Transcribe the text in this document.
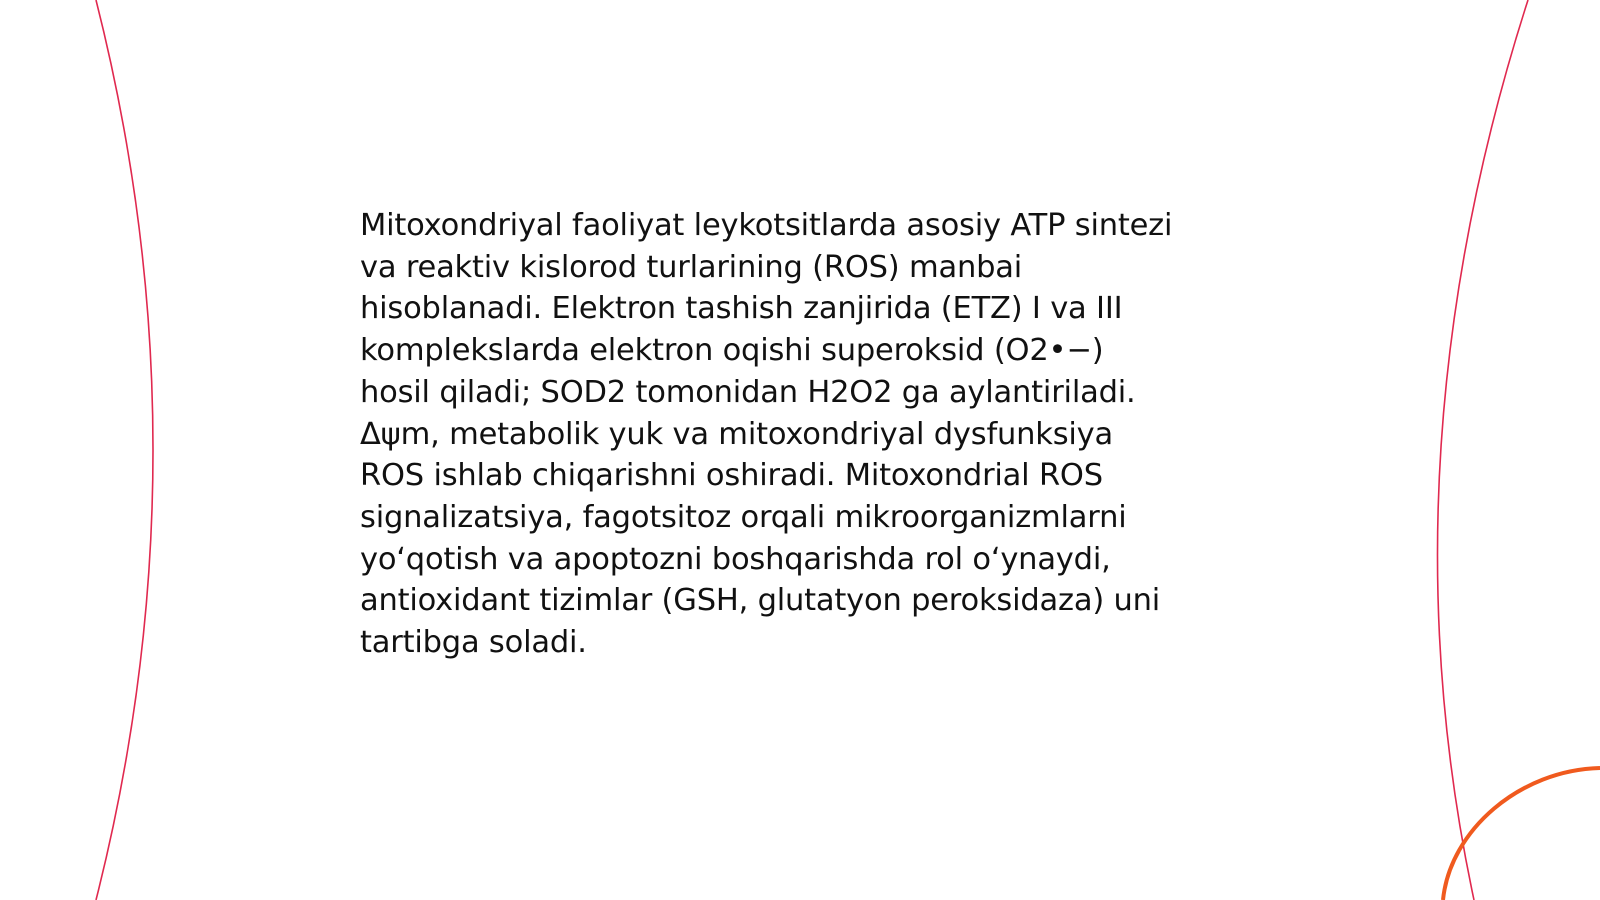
Mitoxondriyal faoliyat leykotsitlarda asosiy ATP sintezi
va reaktiv kislorod turlarining (ROS) manbai
hisoblanadi. Elektron tashish zanjirida (ETZ) I va III
komplekslarda elektron oqishi superoksid (O2•−)
hosil qiladi; SOD2 tomonidan H2O2 ga aylantiriladi.
Δψm, metabolik yuk va mitoxondriyal dysfunksiya
ROS ishlab chiqarishni oshiradi. Mitoxondrial ROS
signalizatsiya, fagotsitoz orqali mikroorganizmlarni
yoʻqotish va apoptozni boshqarishda rol oʻynaydi,
antioxidant tizimlar (GSH, glutatyon peroksidaza) uni
tartibga soladi.
